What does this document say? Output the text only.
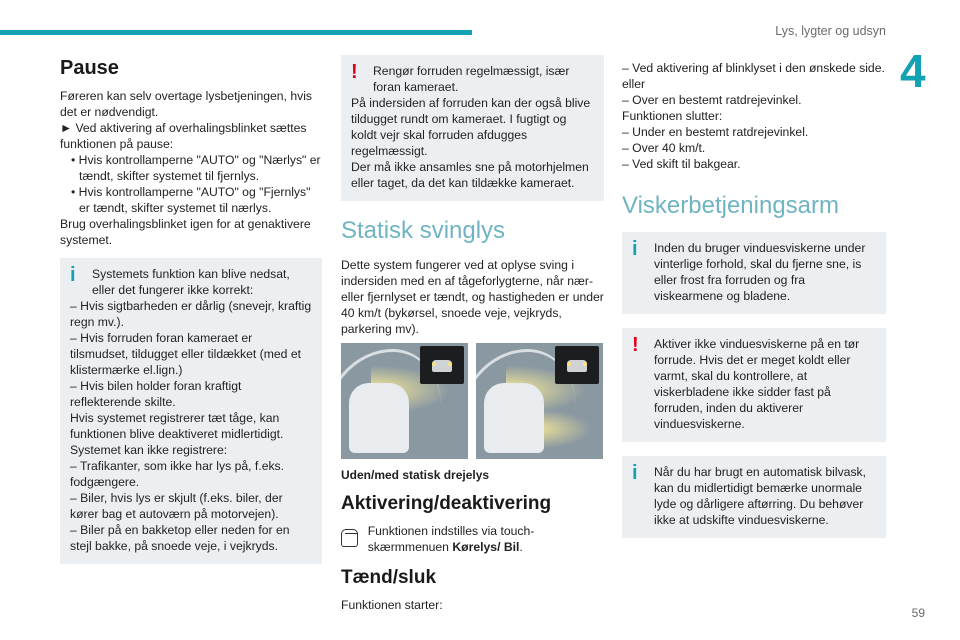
Lys, lygter og udsyn
4
Pause

Føreren kan selv overtage lysbetjeningen, hvis det er nødvendigt.

► Ved aktivering af overhalingsblinket sættes funktionen på pause:

• Hvis kontrollamperne "AUTO" og "Nærlys" er tændt, skifter systemet til fjernlys.

• Hvis kontrollamperne "AUTO" og "Fjernlys" er tændt, skifter systemet til nærlys.

Brug overhalingsblinket igen for at genaktivere systemet.

i	Systemets funktion kan blive nedsat, eller det fungerer ikke korrekt:

– Hvis sigtbarheden er dårlig (snevejr, kraftig regn mv.).

– Hvis forruden foran kameraet er tilsmudset, tildugget eller tildækket (med et klistermærke el.lign.)

– Hvis bilen holder foran kraftigt reflekterende skilte.

Hvis systemet registrerer tæt tåge, kan funktionen blive deaktiveret midlertidigt.

Systemet kan ikke registrere:

– Trafikanter, som ikke har lys på, f.eks. fodgængere.

– Biler, hvis lys er skjult (f.eks. biler, der kører bag et autoværn på motorvejen).

– Biler på en bakketop eller neden for en stejl bakke, på snoede veje, i vejkryds.

!	Rengør forruden regelmæssigt, især foran kameraet.

På indersiden af forruden kan der også blive tildugget rundt om kameraet. I fugtigt og koldt vejr skal forruden afdugges regelmæssigt.

Der må ikke ansamles sne på motorhjelmen eller taget, da det kan tildække kameraet.

Statisk svinglys

Dette system fungerer ved at oplyse sving i indersiden med en af tågeforlygterne, når nær- eller fjernlyset er tændt, og hastigheden er under 40 km/t (bykørsel, snoede veje, vejkryds, parkering mv).

Uden/med statisk drejelys

Aktivering/deaktivering

Funktionen indstilles via touch-skærmmenuen Kørelys/ Bil.

Tænd/sluk

Funktionen starter:

– Ved aktivering af blinklyset i den ønskede side.

eller

– Over en bestemt ratdrejevinkel.

Funktionen slutter:

– Under en bestemt ratdrejevinkel.

– Over 40 km/t.

– Ved skift til bakgear.

Viskerbetjeningsarm
i	Inden du bruger vinduesviskerne under vinterlige forhold, skal du fjerne sne, is eller frost fra forruden og fra viskearmene og bladene.

!	Aktiver ikke vinduesviskerne på en tør forrude. Hvis det er meget koldt eller varmt, skal du kontrollere, at viskerbladene ikke sidder fast på forruden, inden du aktiverer vinduesviskerne.

i	Når du har brugt en automatisk bilvask, kan du midlertidigt bemærke unormale lyde og dårligere aftørring. Du behøver ikke at udskifte vinduesviskerne.

59
